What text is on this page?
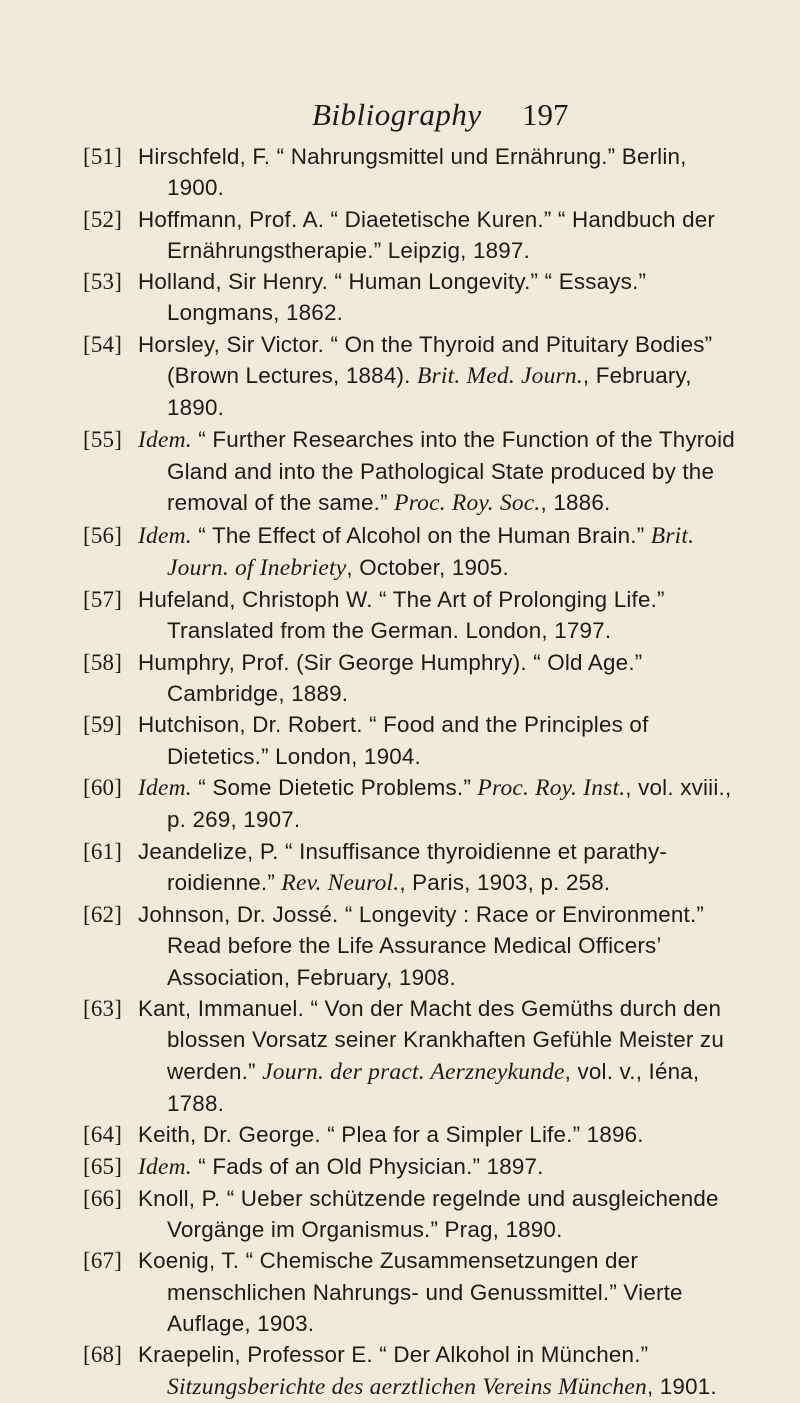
Bibliography 197
[51] Hirschfeld, F. “ Nahrungsmittel und Ernährung.” Berlin, 1900.
[52] Hoffmann, Prof. A. “ Diaetetische Kuren.” “ Handbuch der Ernährungstherapie.” Leipzig, 1897.
[53] Holland, Sir Henry. “ Human Longevity.” “ Essays.” Longmans, 1862.
[54] Horsley, Sir Victor. “ On the Thyroid and Pituitary Bodies” (Brown Lectures, 1884). Brit. Med. Journ., February, 1890.
[55] Idem. “ Further Researches into the Function of the Thyroid Gland and into the Pathological State produced by the removal of the same.” Proc. Roy. Soc., 1886.
[56] Idem. “ The Effect of Alcohol on the Human Brain.” Brit. Journ. of Inebriety, October, 1905.
[57] Hufeland, Christoph W. “ The Art of Prolonging Life.” Translated from the German. London, 1797.
[58] Humphry, Prof. (Sir George Humphry). “ Old Age.” Cambridge, 1889.
[59] Hutchison, Dr. Robert. “ Food and the Principles of Dietetics.” London, 1904.
[60] Idem. “ Some Dietetic Problems.” Proc. Roy. Inst., vol. xviii., p. 269, 1907.
[61] Jeandelize, P. “ Insuffisance thyroidienne et parathyroidienne.” Rev. Neurol., Paris, 1903, p. 258.
[62] Johnson, Dr. Jossé. “ Longevity : Race or Environment.” Read before the Life Assurance Medical Officers’ Association, February, 1908.
[63] Kant, Immanuel. “ Von der Macht des Gemüths durch den blossen Vorsatz seiner Krankhaften Gefühle Meister zu werden.” Journ. der pract. Aerzneykunde, vol. v., Iéna, 1788.
[64] Keith, Dr. George. “ Plea for a Simpler Life.” 1896.
[65] Idem. “ Fads of an Old Physician.” 1897.
[66] Knoll, P. “ Ueber schützende regelnde und ausgleichende Vorgänge im Organismus.” Prag, 1890.
[67] Koenig, T. “ Chemische Zusammensetzungen der menschlichen Nahrungs- und Genussmittel.” Vierte Auflage, 1903.
[68] Kraepelin, Professor E. “ Der Alkohol in München.” Sitzungsberichte des aerztlichen Vereins München, 1901.
